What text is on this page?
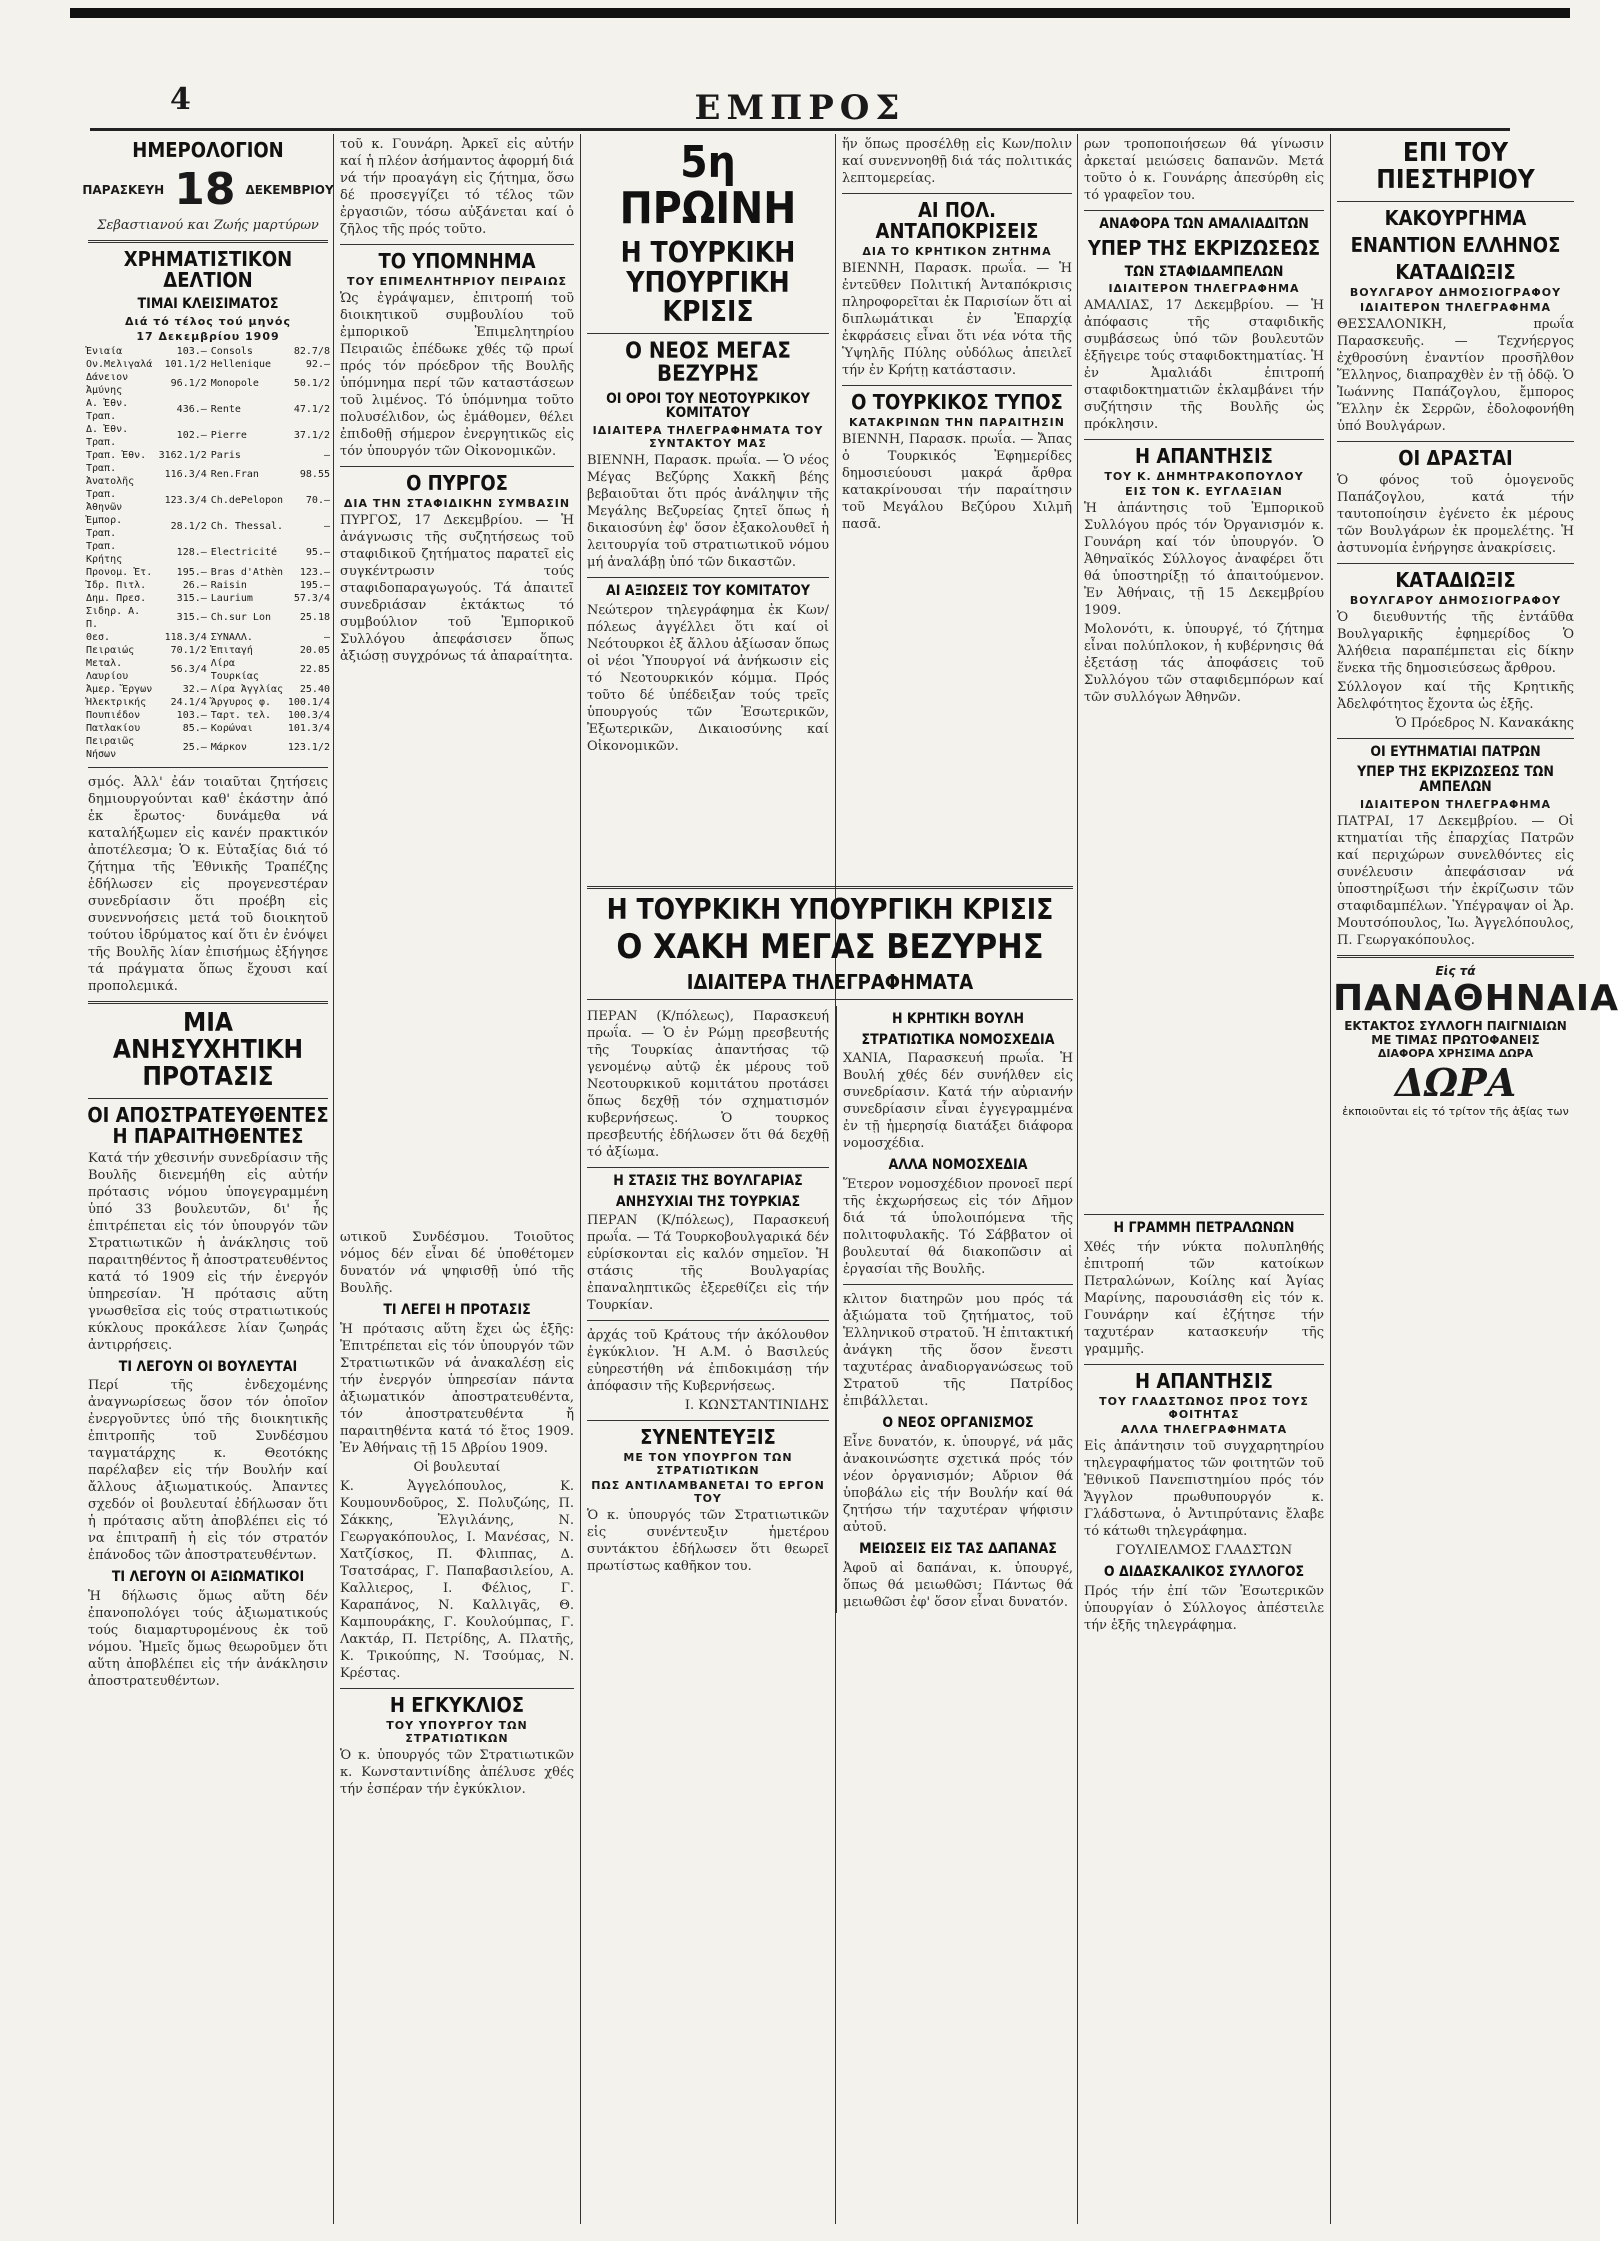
4	ΕΜΠΡΟΣ
ΗΜΕΡΟΛΟΓΙΟΝ
ΠΑΡΑΣΚΕΥΗ 18 ΔΕΚΕΜΒΡΙΟΥ
Σεβαστιανού και Ζωής μαρτύρων
ΧΡΗΜΑΤΙΣΤΙΚΟΝ ΔΕΛΤΙΟΝ
ΤΙΜΑΙ ΚΛΕΙΣΙΜΑΤΟΣ
Διά τό τέλος τού μηνός
17 Δεκεμβρίου 1909
Ἐνιαία	103.—	Consols	82.7/8
Ον.Μελιγαλά	101.1/2	Hellenique	92.—
Δάνειον Ἀμύνης	96.1/2	Monopole	50.1/2
Α. Ἐθν. Τραπ.	436.—	Rente	47.1/2
Δ. Ἐθν. Τραπ.	102.—	Pierre	37.1/2
Τραπ. Ἐθν.	3162.1/2	Paris	—
Τραπ. Ἀνατολῆς	116.3/4	Ren.Fran	98.55
Τραπ. Ἀθηνῶν	123.3/4	Ch.dePelopon	70.—
Ἐμπορ. Τραπ.	28.1/2	Ch. Thessal.	—
Τραπ. Κρήτης	128.—	Electricité	95.—
Προνομ. Ἐτ.	195.—	Bras d'Athèn	123.—
Ἰδρ. Πιτλ.	26.—	Raisin	195.—
Δημ. Πρεσ.	315.—	Laurium	57.3/4
Σιδηρ. Α. Π.	315.—	Ch.sur Lon	25.18
Θεσ.	118.3/4	ΣΥΝΑΛΛ.	—
Πειραιώς	70.1/2	Ἐπιταγή	20.05
Μεταλ. Λαυρίου	56.3/4	Λίρα Τουρκίας	22.85
Ἀμερ. Ἔργων	32.—	Λίρα Ἀγγλίας	25.40
Ἠλεκτρικής	24.1/4	Ἄργυρος φ.	100.1/4
Πουπιέδον	103.—	Ταρτ. τελ.	100.3/4
Πατλακίου	85.—	Κορώναι	101.3/4
Πειραιῶς Νήσων	25.—	Μάρκον	123.1/2
σμός. Ἀλλ' ἐάν τοιαῦται ζητήσεις δημιουργούνται καθ' ἑκάστην ἀπό ἐκ ἔρωτος· δυνάμεθα νά καταλήξωμεν εἰς κανέν πρακτικόν ἀποτέλεσμα; Ὁ κ. Εὐταξίας διά τό ζήτημα τῆς Ἐθνικῆς Τραπέζης ἐδήλωσεν εἰς προγενεστέραν συνεδρίασιν ὅτι προέβη εἰς συνεννοήσεις μετά τοῦ διοικητοῦ τούτου ἱδρύματος καί ὅτι ἐν ἐνόψει τῆς Βουλῆς λίαν ἐπισήμως ἐξήγησε τά πράγματα ὅπως ἔχουσι καί προπολεμικά.
ΜΙΑ ΑΝΗΣΥΧΗΤΙΚΗ ΠΡΟΤΑΣΙΣ
ΟΙ ΑΠΟΣΤΡΑΤΕΥΘΕΝΤΕΣ Η ΠΑΡΑΙΤΗΘΕΝΤΕΣ
Κατά τήν χθεσινήν συνεδρίασιν τῆς Βουλῆς διενεμήθη εἰς αὐτήν πρότασις νόμου ὑπογεγραμμένη ὑπό 33 βουλευτῶν, δι' ἧς ἐπιτρέπεται εἰς τόν ὑπουργόν τῶν Στρατιωτικῶν ἡ ἀνάκλησις τοῦ παραιτηθέντος ἤ ἀποστρατευθέντος κατά τό 1909 εἰς τήν ἐνεργόν ὑπηρεσίαν. Ἡ πρότασις αὕτη γνωσθεῖσα εἰς τούς στρατιωτικούς κύκλους προκάλεσε λίαν ζωηράς ἀντιρρήσεις.
ΤΙ ΛΕΓΟΥΝ ΟΙ ΒΟΥΛΕΥΤΑΙ
Περί τῆς ἐνδεχομένης ἀναγνωρίσεως ὅσον τόν ὁποῖον ἐνεργοῦντες ὑπό τῆς διοικητικῆς ἐπιτροπῆς τοῦ Συνδέσμου ταγματάρχης κ. Θεοτόκης παρέλαβεν εἰς τήν Βουλήν καί ἄλλους ἀξιωματικούς. Ἀπαντες σχεδόν οἱ βουλευταί ἐδήλωσαν ὅτι ἡ πρότασις αὕτη ἀποβλέπει εἰς τό να ἐπιτραπῆ ἡ εἰς τόν στρατόν ἐπάνοδος τῶν ἀποστρατευθέντων.
ΤΙ ΛΕΓΟΥΝ ΟΙ ΑΞΙΩΜΑΤΙΚΟΙ
Ἡ δήλωσις ὅμως αὕτη δέν ἐπανοπολόγει τούς ἀξιωματικούς τούς διαμαρτυρομένους ἐκ τοῦ νόμου. Ἡμεῖς ὅμως θεωροῦμεν ὅτι αὕτη ἀποβλέπει εἰς τήν ἀνάκλησιν ἀποστρατευθέντων.
τοῦ κ. Γουνάρη. Ἀρκεῖ εἰς αὐτήν καί ἡ πλέον ἀσήμαντος ἀφορμή διά νά τήν προαγάγη εἰς ζήτημα, ὅσω δέ προσεγγίζει τό τέλος τῶν ἐργασιῶν, τόσω αὐξάνεται καί ὁ ζῆλος τῆς πρός τοῦτο.
ΤΟ ΥΠΟΜΝΗΜΑ
ΤΟΥ ΕΠΙΜΕΛΗΤΗΡΙΟΥ ΠΕΙΡΑΙΩΣ
Ὡς ἐγράψαμεν, ἐπιτροπή τοῦ διοικητικοῦ συμβουλίου τοῦ ἐμπορικοῦ Ἐπιμελητηρίου Πειραιῶς ἐπέδωκε χθές τῷ πρωί πρός τόν πρόεδρον τῆς Βουλῆς ὑπόμνημα περί τῶν καταστάσεων τοῦ λιμένος. Τό ὑπόμνημα τοῦτο πολυσέλιδον, ὡς ἐμάθομεν, θέλει ἐπιδοθῇ σήμερον ἐνεργητικῶς εἰς τόν ὑπουργόν τῶν Οἰκονομικῶν.
Ο ΠΥΡΓΟΣ
ΔΙΑ ΤΗΝ ΣΤΑΦΙΔΙΚΗΝ ΣΥΜΒΑΣΙΝ
ΠΥΡΓΟΣ, 17 Δεκεμβρίου. — Ἡ ἀνάγνωσις τῆς συζητήσεως τοῦ σταφιδικοῦ ζητήματος παρατεῖ εἰς συγκέντρωσιν τούς σταφιδοπαραγωγούς. Τά ἀπαιτεῖ συνεδριάσαν ἐκτάκτως τό συμβούλιον τοῦ Ἐμπορικοῦ Συλλόγου ἀπεφάσισεν ὅπως ἀξιώσῃ συγχρόνως τά ἀπαραίτητα.
ωτικοῦ Συνδέσμου. Τοιοῦτος νόμος δέν εἶναι δέ ὑποθέτομεν δυνατόν νά ψηφισθῇ ὑπό τῆς Βουλῆς.
ΤΙ ΛΕΓΕΙ Η ΠΡΟΤΑΣΙΣ
Ἡ πρότασις αὕτη ἔχει ὡς ἑξῆς: Ἐπιτρέπεται εἰς τόν ὑπουργόν τῶν Στρατιωτικῶν νά ἀνακαλέσῃ εἰς τήν ἐνεργόν ὑπηρεσίαν πάντα ἀξιωματικόν ἀποστρατευθέντα, τόν ἀποστρατευθέντα ἤ παραιτηθέντα κατά τό ἔτος 1909. Ἐν Ἀθήναις τῇ 15 Δβρίου 1909.
Οἱ βουλευταί
Κ. Ἀγγελόπουλος, Κ. Κουμουνδοῦρος, Σ. Πολυζώης, Π. Σάκκης, Ἐλγιλάνης, Ν. Γεωργακόπουλος, Ι. Μανέσας, Ν. Χατζίσκος, Π. Φλιππας, Δ. Τσατσάρας, Γ. Παπαβασιλείου, Α. Καλλιερος, Ι. Φέλιος, Γ. Καραπάνος, Ν. Καλλιγᾶς, Θ. Καμπουράκης, Γ. Κουλούμπας, Γ. Λακτάρ, Π. Πετρίδης, Α. Πλατῆς, Κ. Τρικούπης, Ν. Τσούμας, Ν. Κρέστας.
Η ΕΓΚΥΚΛΙΟΣ
ΤΟΥ ΥΠΟΥΡΓΟΥ ΤΩΝ ΣΤΡΑΤΙΩΤΙΚΩΝ
Ὁ κ. ὑπουργός τῶν Στρατιωτικῶν κ. Κωνσταντινίδης ἀπέλυσε χθές τήν ἑσπέραν τήν ἐγκύκλιον.
5η ΠΡΩΙΝΗ
Η ΤΟΥΡΚΙΚΗ ΥΠΟΥΡΓΙΚΗ ΚΡΙΣΙΣ
Ο ΝΕΟΣ ΜΕΓΑΣ ΒΕΖΥΡΗΣ
ΟΙ ΟΡΟΙ ΤΟΥ ΝΕΟΤΟΥΡΚΙΚΟΥ ΚΟΜΙΤΑΤΟΥ
ΙΔΙΑΙΤΕΡΑ ΤΗΛΕΓΡΑΦΗΜΑΤΑ ΤΟΥ ΣΥΝΤΑΚΤΟΥ ΜΑΣ
ΒΙΕΝΝΗ, Παρασκ. πρωΐα. — Ὁ νέος Μέγας Βεζύρης Χακκῆ βέης βεβαιοῦται ὅτι πρός ἀνάληψιν τῆς Μεγάλης Βεζυρείας ζητεῖ ὅπως ἡ δικαιοσύνη ἐφ' ὅσον ἐξακολουθεῖ ἡ λειτουργία τοῦ στρατιωτικοῦ νόμου μή ἀναλάβῃ ὑπό τῶν δικαστῶν.
ΑΙ ΑΞΙΩΣΕΙΣ ΤΟΥ ΚΟΜΙΤΑΤΟΥ
Νεώτερον τηλεγράφημα ἐκ Κων/πόλεως ἀγγέλλει ὅτι καί οἱ Νεότουρκοι ἐξ ἄλλου ἀξίωσαν ὅπως οἱ νέοι Ὑπουργοί νά ἀνήκωσιν εἰς τό Νεοτουρκικόν κόμμα. Πρός τοῦτο δέ ὑπέδειξαν τούς τρεῖς ὑπουργούς τῶν Ἐσωτερικῶν, Ἐξωτερικῶν, Δικαιοσύνης καί Οἰκονομικῶν.
ἥν ὅπως προσέλθῃ εἰς Κων/πολιν καί συνεννοηθῇ διά τάς πολιτικάς λεπτομερείας.
ΑΙ ΠΟΛ. ΑΝΤΑΠΟΚΡΙΣΕΙΣ
ΔΙΑ ΤΟ ΚΡΗΤΙΚΟΝ ΖΗΤΗΜΑ
ΒΙΕΝΝΗ, Παρασκ. πρωΐα. — Ἡ ἐντεῦθεν Πολιτική Ἀνταπόκρισις πληροφορεῖται ἐκ Παρισίων ὅτι αἱ διπλωμάτικαι ἐν Ἐπαρχίᾳ ἐκφράσεις εἶναι ὅτι νέα νότα τῆς Ὑψηλῆς Πύλης οὐδόλως ἀπειλεῖ τήν ἐν Κρήτῃ κατάστασιν.
Ο ΤΟΥΡΚΙΚΟΣ ΤΥΠΟΣ
ΚΑΤΑΚΡΙΝΩΝ ΤΗΝ ΠΑΡΑΙΤΗΣΙΝ
ΒΙΕΝΝΗ, Παρασκ. πρωΐα. — Ἄπας ὁ Τουρκικός Ἐφημερίδες δημοσιεύουσι μακρά ἄρθρα κατακρίνουσαι τήν παραίτησιν τοῦ Μεγάλου Βεζύρου Χιλμῆ πασᾶ.
Η ΤΟΥΡΚΙΚΗ ΥΠΟΥΡΓΙΚΗ ΚΡΙΣΙΣ
Ο ΧΑΚΗ ΜΕΓΑΣ ΒΕΖΥΡΗΣ
ΙΔΙΑΙΤΕΡΑ ΤΗΛΕΓΡΑΦΗΜΑΤΑ
ΠΕΡΑΝ (Κ/πόλεως), Παρασκευή πρωΐα. — Ὁ ἐν Ρώμῃ πρεσβευτής τῆς Τουρκίας ἀπαντήσας τῷ γενομένῳ αὐτῷ ἐκ μέρους τοῦ Νεοτουρκικοῦ κομιτάτου προτάσει ὅπως δεχθῇ τόν σχηματισμόν κυβερνήσεως. Ὁ τουρκος πρεσβευτής ἐδήλωσεν ὅτι θά δεχθῇ τό ἀξίωμα.
Η ΣΤΑΣΙΣ ΤΗΣ ΒΟΥΛΓΑΡΙΑΣ
ΑΝΗΣΥΧΙΑΙ ΤΗΣ ΤΟΥΡΚΙΑΣ
ΠΕΡΑΝ (Κ/πόλεως), Παρασκευή πρωΐα. — Τά Τουρκοβουλγαρικά δέν εὑρίσκονται εἰς καλόν σημεῖον. Ἡ στάσις τῆς Βουλγαρίας ἐπαναληπτικῶς ἐξερεθίζει εἰς τήν Τουρκίαν.
ἀρχάς τοῦ Κράτους τήν ἀκόλουθον ἐγκύκλιον. Ἡ Α.Μ. ὁ Βασιλεύς εὐηρεστήθη νά ἐπιδοκιμάσῃ τήν ἀπόφασιν τῆς Κυβερνήσεως.
Ι. ΚΩΝΣΤΑΝΤΙΝΙΔΗΣ
ΣΥΝΕΝΤΕΥΞΙΣ
ΜΕ ΤΟΝ ΥΠΟΥΡΓΟΝ ΤΩΝ ΣΤΡΑΤΙΩΤΙΚΩΝ
ΠΩΣ ΑΝΤΙΛΑΜΒΑΝΕΤΑΙ ΤΟ ΕΡΓΟΝ ΤΟΥ
Ὁ κ. ὑπουργός τῶν Στρατιωτικῶν εἰς συνέντευξιν ἡμετέρου συντάκτου ἐδήλωσεν ὅτι θεωρεῖ πρωτίστως καθῆκον του.
Η ΚΡΗΤΙΚΗ ΒΟΥΛΗ
ΣΤΡΑΤΙΩΤΙΚΑ ΝΟΜΟΣΧΕΔΙΑ
ΧΑΝΙΑ, Παρασκευή πρωΐα. Ἡ Βουλή χθές δέν συνήλθεν εἰς συνεδρίασιν. Κατά τήν αὐριανήν συνεδρίασιν εἶναι ἐγγεγραμμένα ἐν τῇ ἡμερησίᾳ διατάξει διάφορα νομοσχέδια.
ΑΛΛΑ ΝΟΜΟΣΧΕΔΙΑ
Ἕτερον νομοσχέδιον προνοεῖ περί τῆς ἐκχωρήσεως εἰς τόν Δῆμον διά τά ὑπολοιπόμενα τῆς πολιτοφυλακῆς. Τό Σάββατον οἱ βουλευταί θά διακοπῶσιν αἱ ἐργασίαι τῆς Βουλῆς.
κλιτον διατηρῶν μου πρός τά ἀξιώματα τοῦ ζητήματος, τοῦ Ἑλληνικοῦ στρατοῦ. Ἡ ἐπιτακτική ἀνάγκη τῆς ὅσον ἔνεστι ταχυτέρας ἀναδιοργανώσεως τοῦ Στρατοῦ τῆς Πατρίδος ἐπιβάλλεται.
Ο ΝΕΟΣ ΟΡΓΑΝΙΣΜΟΣ
Εἶνε δυνατόν, κ. ὑπουργέ, νά μᾶς ἀνακοινώσητε σχετικά πρός τόν νέον ὀργανισμόν; Αὔριον θά ὑποβάλω εἰς τήν Βουλήν καί θά ζητήσω τήν ταχυτέραν ψήφισιν αὐτοῦ.
ΜΕΙΩΣΕΙΣ ΕΙΣ ΤΑΣ ΔΑΠΑΝΑΣ
Ἀφοῦ αἱ δαπάναι, κ. ὑπουργέ, ὅπως θά μειωθῶσι; Πάντως θά μειωθῶσι ἐφ' ὅσον εἶναι δυνατόν.
ρων τροποποιήσεων θά γίνωσιν ἀρκεταί μειώσεις δαπανῶν. Μετά τοῦτο ὁ κ. Γουνάρης ἀπεσύρθη εἰς τό γραφεῖον του.
ΑΝΑΦΟΡΑ ΤΩΝ ΑΜΑΛΙΑΔΙΤΩΝ
ΥΠΕΡ ΤΗΣ ΕΚΡΙΖΩΣΕΩΣ
ΤΩΝ ΣΤΑΦΙΔΑΜΠΕΛΩΝ
ΙΔΙΑΙΤΕΡΟΝ ΤΗΛΕΓΡΑΦΗΜΑ
ΑΜΑΛΙΑΣ, 17 Δεκεμβρίου. — Ἡ ἀπόφασις τῆς σταφιδικῆς συμβάσεως ὑπό τῶν βουλευτῶν ἐξῆγειρε τούς σταφιδοκτηματίας. Ἡ ἐν Ἀμαλιάδι ἐπιτροπή σταφιδοκτηματιῶν ἐκλαμβάνει τήν συζήτησιν τῆς Βουλῆς ὡς πρόκλησιν.
Η ΑΠΑΝΤΗΣΙΣ
ΤΟΥ Κ. ΔΗΜΗΤΡΑΚΟΠΟΥΛΟΥ
ΕΙΣ ΤΟΝ Κ. ΕΥΓΛΑΞΙΑΝ
Ἡ ἀπάντησις τοῦ Ἐμπορικοῦ Συλλόγου πρός τόν Ὀργανισμόν κ. Γουνάρη καί τόν ὑπουργόν. Ὁ Ἀθηναϊκός Σύλλογος ἀναφέρει ὅτι θά ὑποστηρίξῃ τό ἀπαιτούμενον. Ἐν Ἀθήναις, τῇ 15 Δεκεμβρίου 1909.
Μολονότι, κ. ὑπουργέ, τό ζήτημα εἶναι πολύπλοκον, ἡ κυβέρνησις θά ἐξετάσῃ τάς ἀποφάσεις τοῦ Συλλόγου τῶν σταφιδεμπόρων καί τῶν συλλόγων Ἀθηνῶν.
Η ΓΡΑΜΜΗ ΠΕΤΡΑΛΩΝΩΝ
Χθές τήν νύκτα πολυπληθής ἐπιτροπή τῶν κατοίκων Πετραλώνων, Κοίλης καί Ἀγίας Μαρίνης, παρουσιάσθη εἰς τόν κ. Γουνάρην καί ἐζήτησε τήν ταχυτέραν κατασκευήν τῆς γραμμῆς.
Η ΑΠΑΝΤΗΣΙΣ
ΤΟΥ ΓΛΑΔΣΤΩΝΟΣ ΠΡΟΣ ΤΟΥΣ ΦΟΙΤΗΤΑΣ
ΑΛΛΑ ΤΗΛΕΓΡΑΦΗΜΑΤΑ
Εἰς ἀπάντησιν τοῦ συγχαρητηρίου τηλεγραφήματος τῶν φοιτητῶν τοῦ Ἐθνικοῦ Πανεπιστημίου πρός τόν Ἄγγλον πρωθυπουργόν κ. Γλάδστωνα, ὁ Ἀντιπρύτανις ἔλαβε τό κάτωθι τηλεγράφημα.
ΓΟΥΛΙΕΛΜΟΣ ΓΛΑΔΣΤΩΝ
Ο ΔΙΔΑΣΚΑΛΙΚΟΣ ΣΥΛΛΟΓΟΣ
Πρός τήν ἐπί τῶν Ἐσωτερικῶν ὑπουργίαν ὁ Σύλλογος ἀπέστειλε τήν ἑξῆς τηλεγράφημα.
ΕΠΙ ΤΟΥ ΠΙΕΣΤΗΡΙΟΥ
ΚΑΚΟΥΡΓΗΜΑ
ΕΝΑΝΤΙΟΝ ΕΛΛΗΝΟΣ
ΚΑΤΑΔΙΩΞΙΣ
ΒΟΥΛΓΑΡΟΥ ΔΗΜΟΣΙΟΓΡΑΦΟΥ
ΙΔΙΑΙΤΕΡΟΝ ΤΗΛΕΓΡΑΦΗΜΑ
ΘΕΣΣΑΛΟΝΙΚΗ, πρωΐα Παρασκευῆς. — Τεχνήεργος ἐχθροσύνη ἐναντίον προσῆλθον Ἕλληνος, διαπραχθὲν ἐν τῇ ὁδῷ. Ὁ Ἰωάννης Παπάζογλου, ἔμπορος Ἕλλην ἐκ Σερρῶν, ἐδολοφονήθη ὑπό Βουλγάρων.
ΟΙ ΔΡΑΣΤΑΙ
Ὁ φόνος τοῦ ὁμογενοῦς Παπάζογλου, κατά τήν ταυτοποίησιν ἐγένετο ἐκ μέρους τῶν Βουλγάρων ἐκ προμελέτης. Ἡ ἀστυνομία ἐνήργησε ἀνακρίσεις.
ΚΑΤΑΔΙΩΞΙΣ
ΒΟΥΛΓΑΡΟΥ ΔΗΜΟΣΙΟΓΡΑΦΟΥ
Ὁ διευθυντής τῆς ἐντάῦθα Βουλγαρικῆς ἐφημερίδος Ὁ Ἀλήθεια παραπέμπεται εἰς δίκην ἕνεκα τῆς δημοσιεύσεως ἄρθρου.
Σύλλογον καί τῆς Κρητικῆς Ἀδελφότητος ἔχοντα ὡς ἑξῆς.
Ὁ Πρόεδρος Ν. Κανακάκης
ΟΙ ΕΥΤΗΜΑΤΙΑΙ ΠΑΤΡΩΝ
ΥΠΕΡ ΤΗΣ ΕΚΡΙΖΩΣΕΩΣ ΤΩΝ ΑΜΠΕΛΩΝ
ΙΔΙΑΙΤΕΡΟΝ ΤΗΛΕΓΡΑΦΗΜΑ
ΠΑΤΡΑΙ, 17 Δεκεμβρίου. — Οἱ κτηματίαι τῆς ἐπαρχίας Πατρῶν καί περιχώρων συνελθόντες εἰς συνέλευσιν ἀπεφάσισαν νά ὑποστηρίξωσι τήν ἐκρίζωσιν τῶν σταφιδαμπέλων. Ὑπέγραψαν οἱ Ἀρ. Μουτσόπουλος, Ἰω. Ἀγγελόπουλος, Π. Γεωργακόπουλος.
Εἰς τά
ΠΑΝΑΘΗΝΑΙΑ
ΕΚΤΑΚΤΟΣ ΣΥΛΛΟΓΗ ΠΑΙΓΝΙΔΙΩΝ
ΜΕ ΤΙΜΑΣ ΠΡΩΤΟΦΑΝΕΙΣ
ΔΙΑΦΟΡΑ ΧΡΗΣΙΜΑ ΔΩΡΑ
ΔΩΡΑ
ἐκποιοῦνται εἰς τό τρίτον τῆς ἀξίας των
